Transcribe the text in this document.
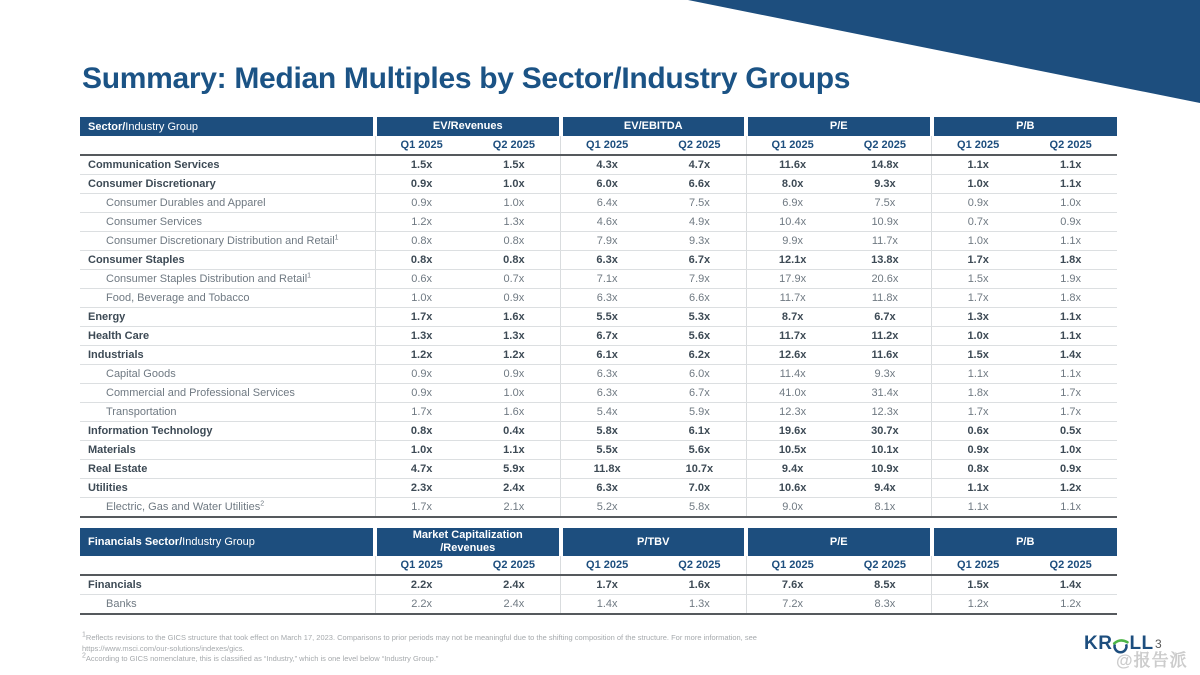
Summary: Median Multiples by Sector/Industry Groups
Sector/Industry Group	EV/Revenues		EV/EBITDA		P/E		P/B	

	Q1 2025	Q2 2025	Q1 2025	Q2 2025	Q1 2025	Q2 2025	Q1 2025	Q2 2025
Communication Services	1.5x	1.5x	4.3x	4.7x	11.6x	14.8x	1.1x	1.1x
Consumer Discretionary	0.9x	1.0x	6.0x	6.6x	8.0x	9.3x	1.0x	1.1x
Consumer Durables and Apparel	0.9x	1.0x	6.4x	7.5x	6.9x	7.5x	0.9x	1.0x
Consumer Services	1.2x	1.3x	4.6x	4.9x	10.4x	10.9x	0.7x	0.9x
Consumer Discretionary Distribution and Retail$^1$	0.8x	0.8x	7.9x	9.3x	9.9x	11.7x	1.0x	1.1x
Consumer Staples	0.8x	0.8x	6.3x	6.7x	12.1x	13.8x	1.7x	1.8x
Consumer Staples Distribution and Retail$^1$	0.6x	0.7x	7.1x	7.9x	17.9x	20.6x	1.5x	1.9x
Food, Beverage and Tobacco	1.0x	0.9x	6.3x	6.6x	11.7x	11.8x	1.7x	1.8x
Energy	1.7x	1.6x	5.5x	5.3x	8.7x	6.7x	1.3x	1.1x
Health Care	1.3x	1.3x	6.7x	5.6x	11.7x	11.2x	1.0x	1.1x
Industrials	1.2x	1.2x	6.1x	6.2x	12.6x	11.6x	1.5x	1.4x
Capital Goods	0.9x	0.9x	6.3x	6.0x	11.4x	9.3x	1.1x	1.1x
Commercial and Professional Services	0.9x	1.0x	6.3x	6.7x	41.0x	31.4x	1.8x	1.7x
Transportation	1.7x	1.6x	5.4x	5.9x	12.3x	12.3x	1.7x	1.7x
Information Technology	0.8x	0.4x	5.8x	6.1x	19.6x	30.7x	0.6x	0.5x
Materials	1.0x	1.1x	5.5x	5.6x	10.5x	10.1x	0.9x	1.0x
Real Estate	4.7x	5.9x	11.8x	10.7x	9.4x	10.9x	0.8x	0.9x
Utilities	2.3x	2.4x	6.3x	7.0x	10.6x	9.4x	1.1x	1.2x
Electric, Gas and Water Utilities$^2$	1.7x	2.1x	5.2x	5.8x	9.0x	8.1x	1.1x	1.1x
Financials Sector/Industry Group	Market Capitalization
/Revenues		P/TBV		P/E		P/B	

	Q1 2025	Q2 2025	Q1 2025	Q2 2025	Q1 2025	Q2 2025	Q1 2025	Q2 2025
Financials	2.2x	2.4x	1.7x	1.6x	7.6x	8.5x	1.5x	1.4x
Banks	2.2x	2.4x	1.4x	1.3x	7.2x	8.3x	1.2x	1.2x
$^1$Reflects revisions to the GICS structure that took effect on March 17, 2023. Comparisons to prior periods may not be meaningful due to the shifting composition of the structure. For more information, see
https://www.msci.com/our-solutions/indexes/gics.
$^2$According to GICS nomenclature, this is classified as “Industry,” which is one level below “Industry Group.”
KR LL 3
@报告派
